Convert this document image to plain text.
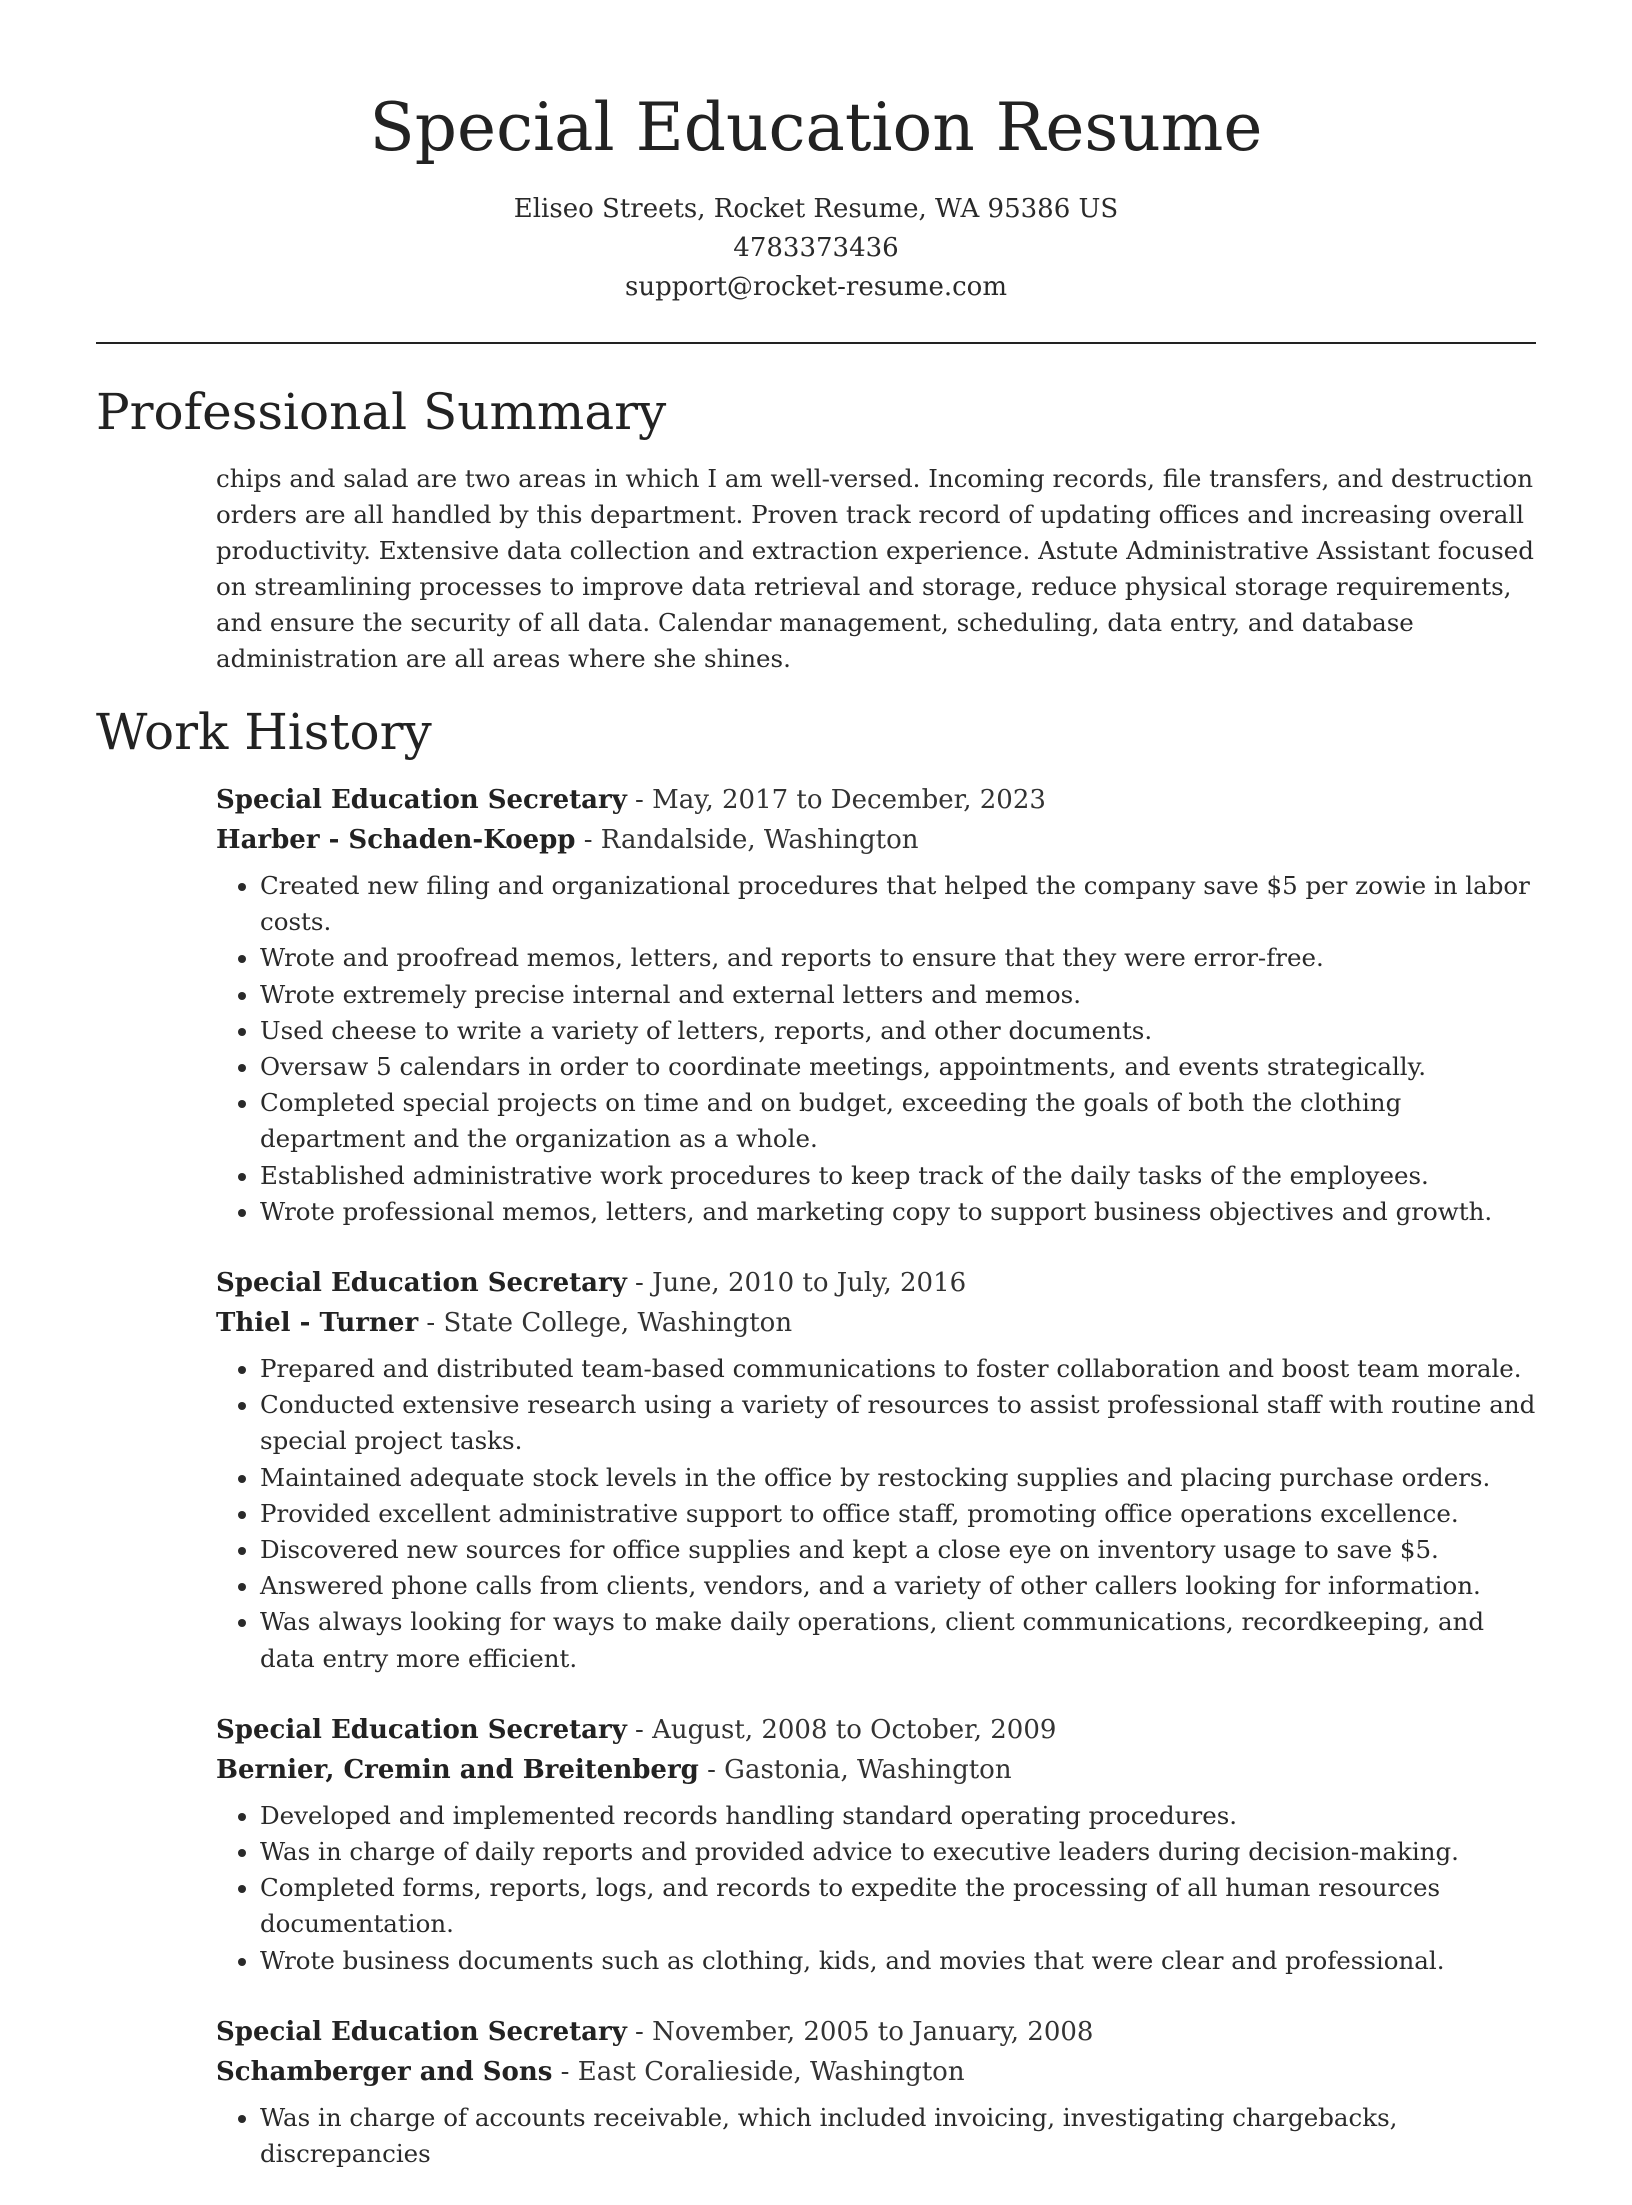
Special Education Resume
Eliseo Streets, Rocket Resume, WA 95386 US
4783373436
support@rocket-resume.com
Professional Summary
chips and salad are two areas in which I am well-versed. Incoming records, file transfers, and destruction orders are all handled by this department. Proven track record of updating offices and increasing overall productivity. Extensive data collection and extraction experience. Astute Administrative Assistant focused on streamlining processes to improve data retrieval and storage, reduce physical storage requirements, and ensure the security of all data. Calendar management, scheduling, data entry, and database administration are all areas where she shines.
Work History
Special Education Secretary - May, 2017 to December, 2023
Harber - Schaden-Koepp - Randalside, Washington
• Created new filing and organizational procedures that helped the company save $5 per zowie in labor costs.
• Wrote and proofread memos, letters, and reports to ensure that they were error-free.
• Wrote extremely precise internal and external letters and memos.
• Used cheese to write a variety of letters, reports, and other documents.
• Oversaw 5 calendars in order to coordinate meetings, appointments, and events strategically.
• Completed special projects on time and on budget, exceeding the goals of both the clothing department and the organization as a whole.
• Established administrative work procedures to keep track of the daily tasks of the employees.
• Wrote professional memos, letters, and marketing copy to support business objectives and growth.
Special Education Secretary - June, 2010 to July, 2016
Thiel - Turner - State College, Washington
• Prepared and distributed team-based communications to foster collaboration and boost team morale.
• Conducted extensive research using a variety of resources to assist professional staff with routine and special project tasks.
• Maintained adequate stock levels in the office by restocking supplies and placing purchase orders.
• Provided excellent administrative support to office staff, promoting office operations excellence.
• Discovered new sources for office supplies and kept a close eye on inventory usage to save $5.
• Answered phone calls from clients, vendors, and a variety of other callers looking for information.
• Was always looking for ways to make daily operations, client communications, recordkeeping, and data entry more efficient.
Special Education Secretary - August, 2008 to October, 2009
Bernier, Cremin and Breitenberg - Gastonia, Washington
• Developed and implemented records handling standard operating procedures.
• Was in charge of daily reports and provided advice to executive leaders during decision-making.
• Completed forms, reports, logs, and records to expedite the processing of all human resources documentation.
• Wrote business documents such as clothing, kids, and movies that were clear and professional.
Special Education Secretary - November, 2005 to January, 2008
Schamberger and Sons - East Coralieside, Washington
• Was in charge of accounts receivable, which included invoicing, investigating chargebacks, discrepancies
